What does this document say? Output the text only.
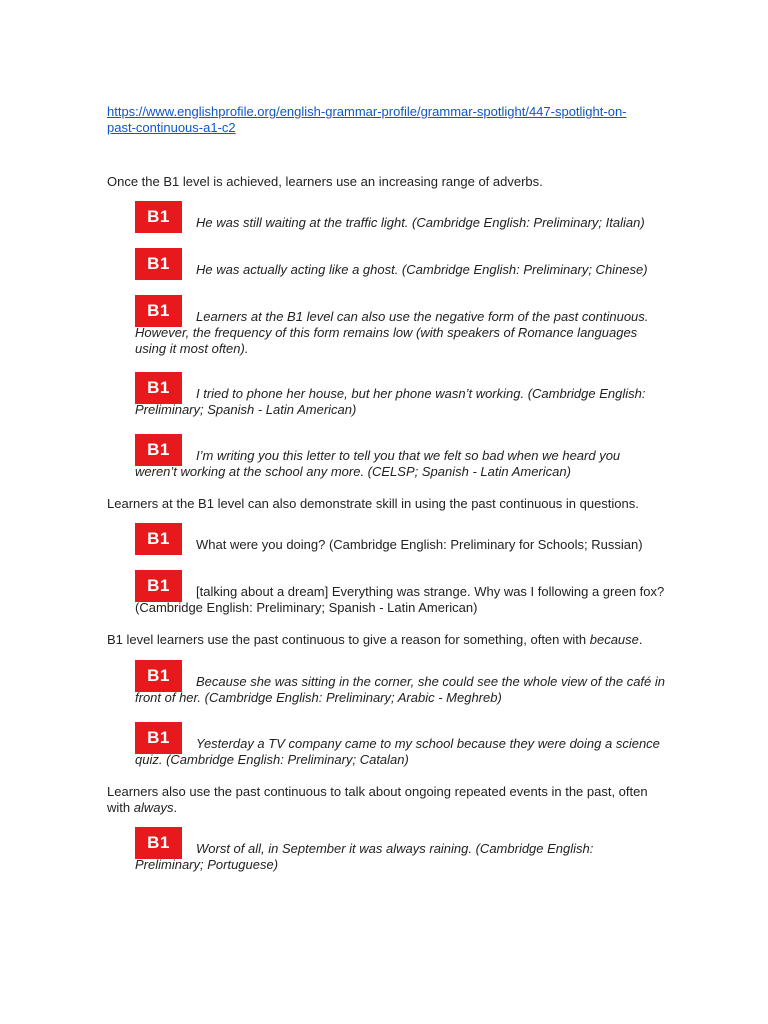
https://www.englishprofile.org/english-grammar-profile/grammar-spotlight/447-spotlight-on-past-continuous-a1-c2
Once the B1 level is achieved, learners use an increasing range of adverbs.
B1 He was still waiting at the traffic light. (Cambridge English: Preliminary; Italian)
B1 He was actually acting like a ghost. (Cambridge English: Preliminary; Chinese)
B1 Learners at the B1 level can also use the negative form of the past continuous. However, the frequency of this form remains low (with speakers of Romance languages using it most often).
B1 I tried to phone her house, but her phone wasn’t working. (Cambridge English: Preliminary; Spanish - Latin American)
B1 I’m writing you this letter to tell you that we felt so bad when we heard you weren’t working at the school any more. (CELSP; Spanish - Latin American)
Learners at the B1 level can also demonstrate skill in using the past continuous in questions.
B1 What were you doing? (Cambridge English: Preliminary for Schools; Russian)
B1 [talking about a dream] Everything was strange. Why was I following a green fox? (Cambridge English: Preliminary; Spanish - Latin American)
B1 level learners use the past continuous to give a reason for something, often with because.
B1 Because she was sitting in the corner, she could see the whole view of the café in front of her. (Cambridge English: Preliminary; Arabic - Meghreb)
B1 Yesterday a TV company came to my school because they were doing a science quiz. (Cambridge English: Preliminary; Catalan)
Learners also use the past continuous to talk about ongoing repeated events in the past, often with always.
B1 Worst of all, in September it was always raining. (Cambridge English: Preliminary; Portuguese)
